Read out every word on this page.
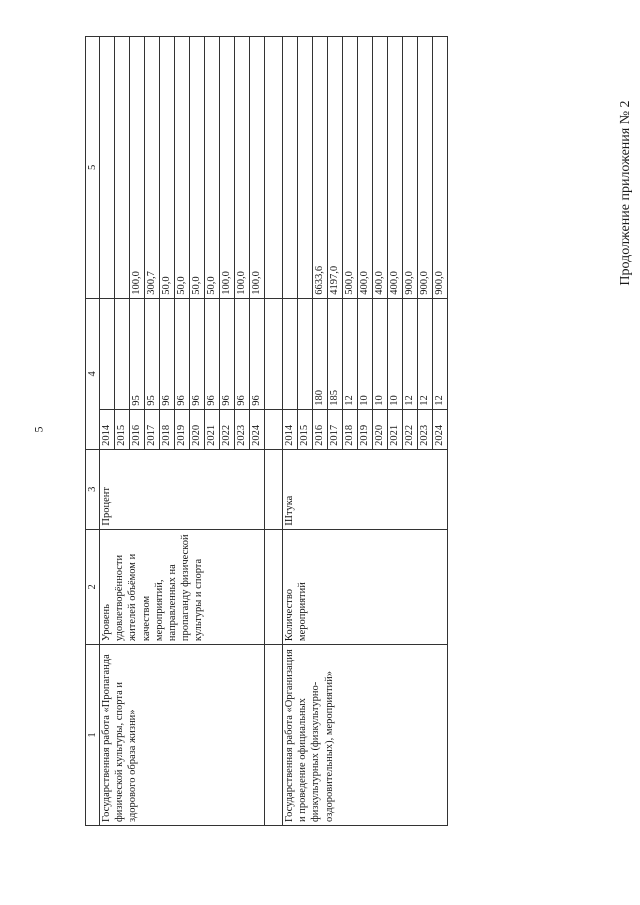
5
Продолжение приложения № 2
1	2	3	4		5
Государственная работа «Пропаганда физической культуры, спорта и здорового образа жизни»	Уровень удовлетворённости жителей объёмом и качеством мероприятий, направленных на пропаганду физической культуры и спорта	Процент	2014		
			2015		
			2016	95	100,0
			2017	95	300,7
			2018	96	50,0
			2019	96	50,0
			2020	96	50,0
			2021	96	50,0
			2022	96	100,0
			2023	96	100,0
			2024	96	100,0

Государственная работа «Организация и проведение официальных физкультурных (физкультурно-оздоровительных), мероприятий»	Количество мероприятий	Штука	2014		
			2015		
			2016	180	6633,6
			2017	185	4197,0
			2018	12	500,0
			2019	10	400,0
			2020	10	400,0
			2021	10	400,0
			2022	12	900,0
			2023	12	900,0
			2024	12	900,0
